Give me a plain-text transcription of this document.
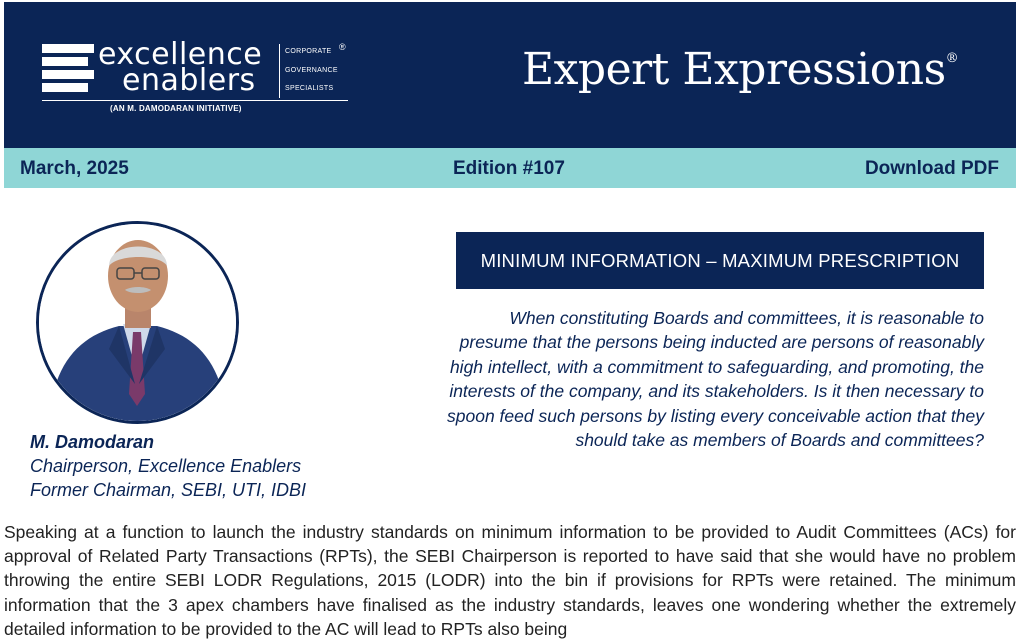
excellence
enablers
CORPORATE
GOVERNANCE
SPECIALISTS
®
(AN M. DAMODARAN INITIATIVE)
Expert Expressions®
March, 2025	Edition #107	Download PDF
M. Damodaran
Chairperson, Excellence Enablers
Former Chairman, SEBI, UTI, IDBI
MINIMUM INFORMATION – MAXIMUM PRESCRIPTION
When constituting Boards and committees, it is reasonable to presume that the persons being inducted are persons of reasonably high intellect, with a commitment to safeguarding, and promoting, the interests of the company, and its stakeholders. Is it then necessary to spoon feed such persons by listing every conceivable action that they should take as members of Boards and committees?
Speaking at a function to launch the industry standards on minimum information to be provided to Audit Committees (ACs) for approval of Related Party Transactions (RPTs), the SEBI Chairperson is reported to have said that she would have no problem throwing the entire SEBI LODR Regulations, 2015 (LODR) into the bin if provisions for RPTs were retained. The minimum information that the 3 apex chambers have finalised as the industry standards, leaves one wondering whether the extremely detailed information to be provided to the AC will lead to RPTs also being
